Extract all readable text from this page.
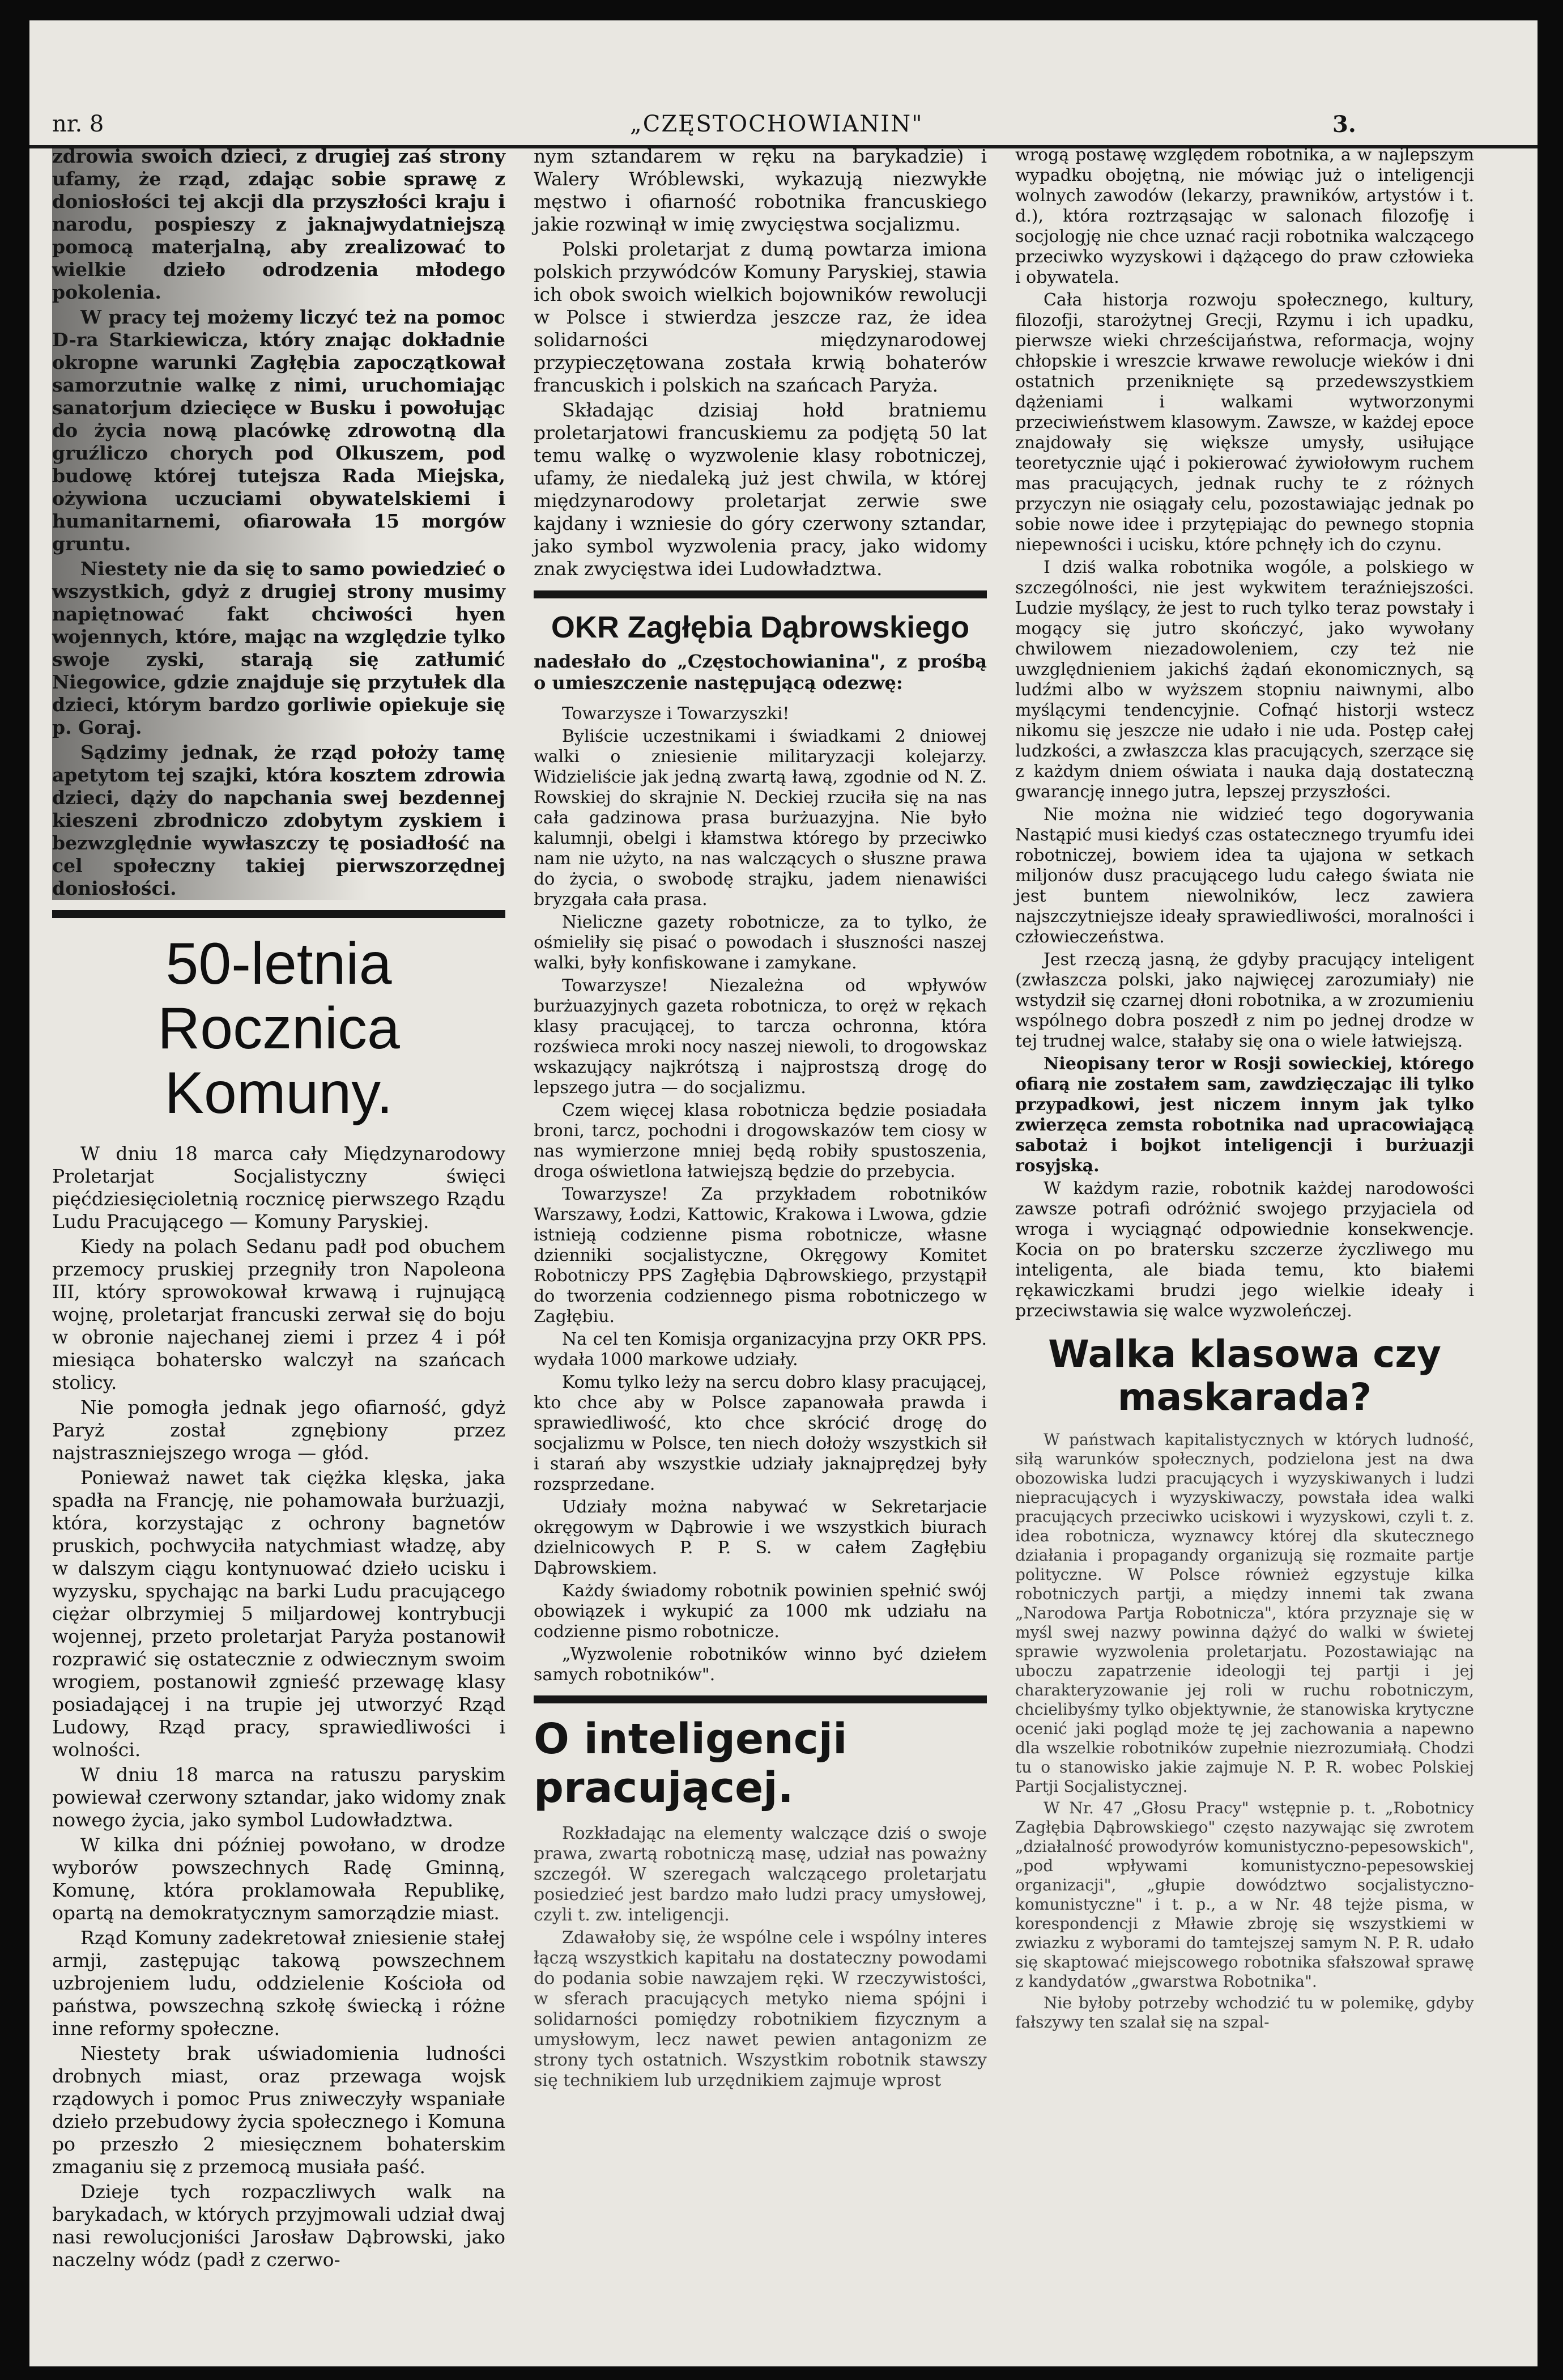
nr. 8	„CZĘSTOCHOWIANIN"	3.

zdrowia swoich dzieci, z drugiej zaś strony ufamy, że rząd, zdając sobie sprawę z doniosłości tej akcji dla przyszłości kraju i narodu, pospieszy z jaknajwydatniejszą pomocą materjalną, aby zrealizować to wielkie dzieło odrodzenia młodego pokolenia.

W pracy tej możemy liczyć też na pomoc D-ra Starkiewicza, który znając dokładnie okropne warunki Zagłębia zapoczątkował samorzutnie walkę z nimi, uruchomiając sanatorjum dziecięce w Busku i powołując do życia nową placówkę zdrowotną dla gruźliczo chorych pod Olkuszem, pod budowę której tutejsza Rada Miejska, ożywiona uczuciami obywatelskiemi i humanitarnemi, ofiarowała 15 morgów gruntu.

Niestety nie da się to samo powiedzieć o wszystkich, gdyż z drugiej strony musimy napiętnować fakt chciwości hyen wojennych, które, mając na względzie tylko swoje zyski, starają się zatłumić Niegowice, gdzie znajduje się przytułek dla dzieci, którym bardzo gorliwie opiekuje się p. Goraj.

Sądzimy jednak, że rząd położy tamę apetytom tej szajki, która kosztem zdrowia dzieci, dąży do napchania swej bezdennej kieszeni zbrodniczo zdobytym zyskiem i bezwzględnie wywłaszczy tę posiadłość na cel społeczny takiej pierwszorzędnej doniosłości.

50-letnia Rocznica Komuny.

W dniu 18 marca cały Międzynarodowy Proletarjat Socjalistyczny święci pięćdziesięcioletnią rocznicę pierwszego Rządu Ludu Pracującego — Komuny Paryskiej.

Kiedy na polach Sedanu padł pod obuchem przemocy pruskiej przegniły tron Napoleona III, który sprowokował krwawą i rujnującą wojnę, proletarjat francuski zerwał się do boju w obronie najechanej ziemi i przez 4 i pół miesiąca bohatersko walczył na szańcach stolicy.

Nie pomogła jednak jego ofiarność, gdyż Paryż został zgnębiony przez najstraszniejszego wroga — głód.

Ponieważ nawet tak ciężka klęska, jaka spadła na Francję, nie pohamowała burżuazji, która, korzystając z ochrony bagnetów pruskich, pochwyciła natychmiast władzę, aby w dalszym ciągu kontynuować dzieło ucisku i wyzysku, spychając na barki Ludu pracującego ciężar olbrzymiej 5 miljardowej kontrybucji wojennej, przeto proletarjat Paryża postanowił rozprawić się ostatecznie z odwiecznym swoim wrogiem, postanowił zgnieść przewagę klasy posiadającej i na trupie jej utworzyć Rząd Ludowy, Rząd pracy, sprawiedliwości i wolności.

W dniu 18 marca na ratuszu paryskim powiewał czerwony sztandar, jako widomy znak nowego życia, jako symbol Ludowładztwa.

W kilka dni później powołano, w drodze wyborów powszechnych Radę Gminną, Komunę, która proklamowała Republikę, opartą na demokratycznym samorządzie miast.

Rząd Komuny zadekretował zniesienie stałej armji, zastępując takową powszechnem uzbrojeniem ludu, oddzielenie Kościoła od państwa, powszechną szkołę świecką i różne inne reformy społeczne.

Niestety brak uświadomienia ludności drobnych miast, oraz przewaga wojsk rządowych i pomoc Prus zniweczyły wspaniałe dzieło przebudowy życia społecznego i Komuna po przeszło 2 miesięcznem bohaterskim zmaganiu się z przemocą musiała paść.

Dzieje tych rozpaczliwych walk na barykadach, w których przyjmowali udział dwaj nasi rewolucjoniści Jarosław Dąbrowski, jako naczelny wódz (padł z czerwo-

nym sztandarem w ręku na barykadzie) i Walery Wróblewski, wykazują niezwykłe męstwo i ofiarność robotnika francuskiego jakie rozwinął w imię zwycięstwa socjalizmu.

Polski proletarjat z dumą powtarza imiona polskich przywódców Komuny Paryskiej, stawia ich obok swoich wielkich bojowników rewolucji w Polsce i stwierdza jeszcze raz, że idea solidarności międzynarodowej przypieczętowana została krwią bohaterów francuskich i polskich na szańcach Paryża.

Składając dzisiaj hołd bratniemu proletarjatowi francuskiemu za podjętą 50 lat temu walkę o wyzwolenie klasy robotniczej, ufamy, że niedaleką już jest chwila, w której międzynarodowy proletarjat zerwie swe kajdany i wzniesie do góry czerwony sztandar, jako symbol wyzwolenia pracy, jako widomy znak zwycięstwa idei Ludowładztwa.

OKR Zagłębia Dąbrowskiego

nadesłało do „Częstochowianina", z prośbą o umieszczenie następującą odezwę:

Towarzysze i Towarzyszki!

Byliście uczestnikami i świadkami 2 dniowej walki o zniesienie militaryzacji kolejarzy. Widzieliście jak jedną zwartą ławą, zgodnie od N. Z. Rowskiej do skrajnie N. Deckiej rzuciła się na nas cała gadzinowa prasa burżuazyjna. Nie było kalumnji, obelgi i kłamstwa którego by przeciwko nam nie użyto, na nas walczących o słuszne prawa do życia, o swobodę strajku, jadem nienawiści bryzgała cała prasa.

Nieliczne gazety robotnicze, za to tylko, że ośmieliły się pisać o powodach i słuszności naszej walki, były konfiskowane i zamykane.

Towarzysze! Niezależna od wpływów burżuazyjnych gazeta robotnicza, to oręż w rękach klasy pracującej, to tarcza ochronna, która rozświeca mroki nocy naszej niewoli, to drogowskaz wskazujący najkrótszą i najprostszą drogę do lepszego jutra — do socjalizmu.

Czem więcej klasa robotnicza będzie posiadała broni, tarcz, pochodni i drogowskazów tem ciosy w nas wymierzone mniej będą robiły spustoszenia, droga oświetlona łatwiejszą będzie do przebycia.

Towarzysze! Za przykładem robotników Warszawy, Łodzi, Kattowic, Krakowa i Lwowa, gdzie istnieją codzienne pisma robotnicze, własne dzienniki socjalistyczne, Okręgowy Komitet Robotniczy PPS Zagłębia Dąbrowskiego, przystąpił do tworzenia codziennego pisma robotniczego w Zagłębiu.

Na cel ten Komisja organizacyjna przy OKR PPS. wydała 1000 markowe udziały.

Komu tylko leży na sercu dobro klasy pracującej, kto chce aby w Polsce zapanowała prawda i sprawiedliwość, kto chce skrócić drogę do socjalizmu w Polsce, ten niech dołoży wszystkich sił i starań aby wszystkie udziały jaknajprędzej były rozsprzedane.

Udziały można nabywać w Sekretarjacie okręgowym w Dąbrowie i we wszystkich biurach dzielnicowych P. P. S. w całem Zagłębiu Dąbrowskiem.

Każdy świadomy robotnik powinien spełnić swój obowiązek i wykupić za 1000 mk udziału na codzienne pismo robotnicze.

„Wyzwolenie robotników winno być dziełem samych robotników".

O inteligencji pracującej.

Rozkładając na elementy walczące dziś o swoje prawa, zwartą robotniczą masę, udział nas poważny szczegół. W szeregach walczącego proletarjatu posiedzieć jest bardzo mało ludzi pracy umysłowej, czyli t. zw. inteligencji.

Zdawałoby się, że wspólne cele i wspólny interes łączą wszystkich kapitału na dostateczny powodami do podania sobie nawzajem ręki. W rzeczywistości, w sferach pracujących metyko niema spójni i solidarności pomiędzy robotnikiem fizycznym a umysłowym, lecz nawet pewien antagonizm ze strony tych ostatnich. Wszystkim robotnik stawszy się technikiem lub urzędnikiem zajmuje wprost

wrogą postawę względem robotnika, a w najlepszym wypadku obojętną, nie mówiąc już o inteligencji wolnych zawodów (lekarzy, prawników, artystów i t. d.), która roztrząsając w salonach filozofję i socjologję nie chce uznać racji robotnika walczącego przeciwko wyzyskowi i dążącego do praw człowieka i obywatela.

Cała historja rozwoju społecznego, kultury, filozofji, starożytnej Grecji, Rzymu i ich upadku, pierwsze wieki chrześcijaństwa, reformacja, wojny chłopskie i wreszcie krwawe rewolucje wieków i dni ostatnich przeniknięte są przedewszystkiem dążeniami i walkami wytworzonymi przeciwieństwem klasowym. Zawsze, w każdej epoce znajdowały się większe umysły, usiłujące teoretycznie ująć i pokierować żywiołowym ruchem mas pracujących, jednak ruchy te z różnych przyczyn nie osiągały celu, pozostawiając jednak po sobie nowe idee i przytępiając do pewnego stopnia niepewności i ucisku, które pchnęły ich do czynu.

I dziś walka robotnika wogóle, a polskiego w szczególności, nie jest wykwitem teraźniejszości. Ludzie myślący, że jest to ruch tylko teraz powstały i mogący się jutro skończyć, jako wywołany chwilowem niezadowoleniem, czy też nie uwzględnieniem jakichś żądań ekonomicznych, są ludźmi albo w wyższem stopniu naiwnymi, albo myślącymi tendencyjnie. Cofnąć historji wstecz nikomu się jeszcze nie udało i nie uda. Postęp całej ludzkości, a zwłaszcza klas pracujących, szerzące się z każdym dniem oświata i nauka dają dostateczną gwarancję innego jutra, lepszej przyszłości.

Nie można nie widzieć tego dogorywania Nastąpić musi kiedyś czas ostatecznego tryumfu idei robotniczej, bowiem idea ta ujajona w setkach miljonów dusz pracującego ludu całego świata nie jest buntem niewolników, lecz zawiera najszczytniejsze ideały sprawiedliwości, moralności i człowieczeństwa.

Jest rzeczą jasną, że gdyby pracujący inteligent (zwłaszcza polski, jako najwięcej zarozumiały) nie wstydził się czarnej dłoni robotnika, a w zrozumieniu wspólnego dobra poszedł z nim po jednej drodze w tej trudnej walce, stałaby się ona o wiele łatwiejszą.

Nieopisany teror w Rosji sowieckiej, którego ofiarą nie zostałem sam, zawdzięczając ili tylko przypadkowi, jest niczem innym jak tylko zwierzęca zemsta robotnika nad upracowiającą sabotaż i bojkot inteligencji i burżuazji rosyjską.

W każdym razie, robotnik każdej narodowości zawsze potrafi odróżnić swojego przyjaciela od wroga i wyciągnąć odpowiednie konsekwencje. Kocia on po bratersku szczerze życzliwego mu inteligenta, ale biada temu, kto białemi rękawiczkami brudzi jego wielkie ideały i przeciwstawia się walce wyzwoleńczej.

Walka klasowa czy maskarada?

W państwach kapitalistycznych w których ludność, siłą warunków społecznych, podzielona jest na dwa obozowiska ludzi pracujących i wyzyskiwanych i ludzi niepracujących i wyzyskiwaczy, powstała idea walki pracujących przeciwko uciskowi i wyzyskowi, czyli t. z. idea robotnicza, wyznawcy której dla skutecznego działania i propagandy organizują się rozmaite partje polityczne. W Polsce również egzystuje kilka robotniczych partji, a między innemi tak zwana „Narodowa Partja Robotnicza", która przyznaje się w myśl swej nazwy powinna dążyć do walki w świetej sprawie wyzwolenia proletarjatu. Pozostawiając na uboczu zapatrzenie ideologji tej partji i jej charakteryzowanie jej roli w ruchu robotniczym, chcielibyśmy tylko objektywnie, że stanowiska krytyczne ocenić jaki pogląd może tę jej zachowania a napewno dla wszelkie robotników zupełnie niezrozumiałą. Chodzi tu o stanowisko jakie zajmuje N. P. R. wobec Polskiej Partji Socjalistycznej.

W Nr. 47 „Głosu Pracy" wstępnie p. t. „Robotnicy Zagłębia Dąbrowskiego" często nazywając się zwrotem „działalność prowodyrów komunistyczno-pepesowskich", „pod wpływami komunistyczno-pepesowskiej organizacji", „głupie dowództwo socjalistyczno-komunistyczne" i t. p., a w Nr. 48 tejże pisma, w korespondencji z Mławie zbroję się wszystkiemi w zwiazku z wyborami do tamtejszej samym N. P. R. udało się skaptować miejscowego robotnika sfałszował sprawę z kandydatów „gwarstwa Robotnika".

Nie byłoby potrzeby wchodzić tu w polemikę, gdyby fałszywy ten szalał się na szpal-
